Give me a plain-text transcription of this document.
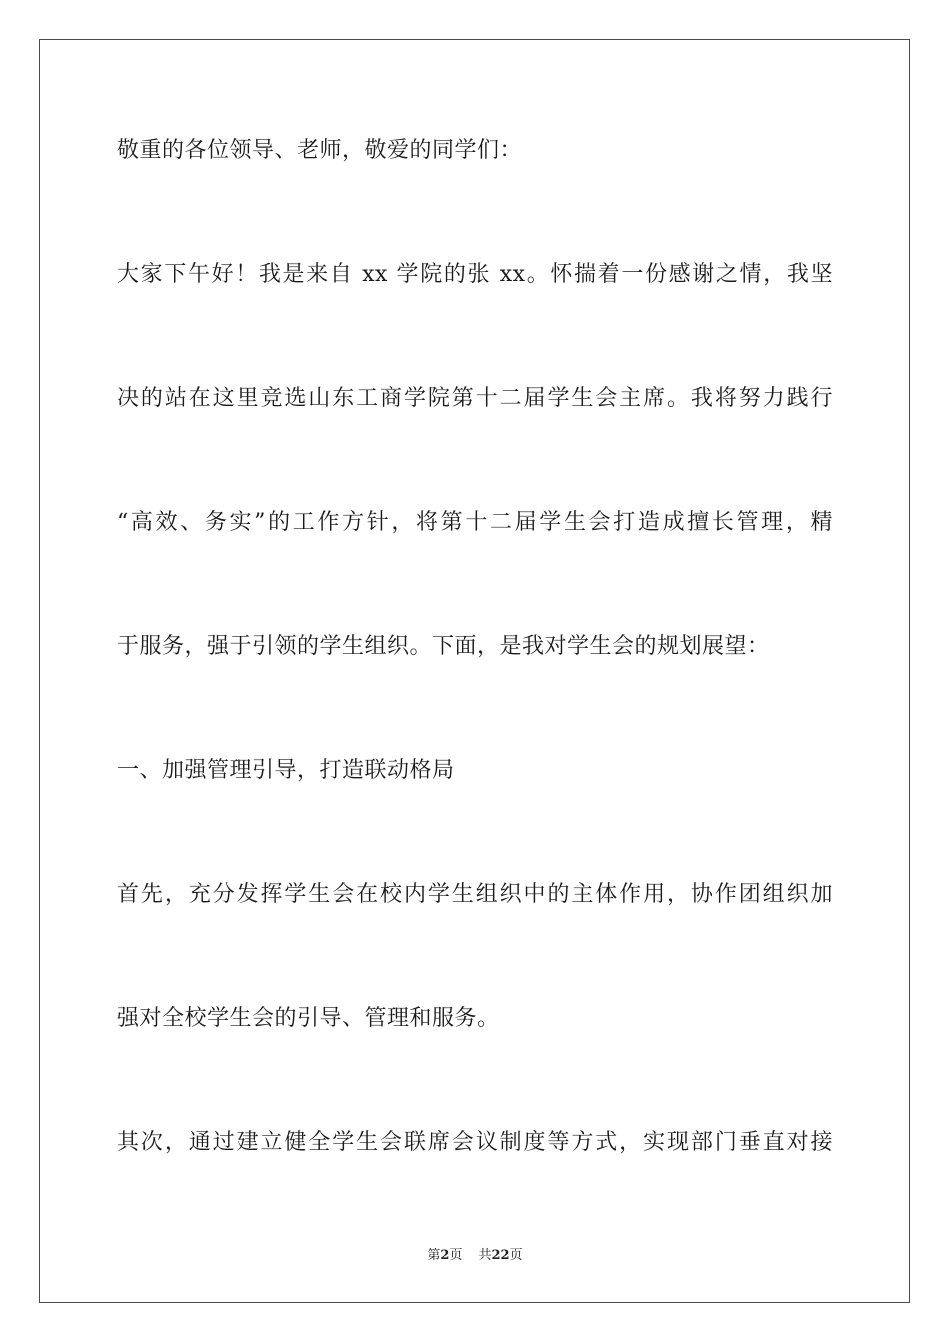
敬重的各位领导、老师，敬爱的同学们：
大家下午好！我是来自 xx 学院的张 xx。怀揣着一份感谢之情，我坚
决的站在这里竞选山东工商学院第十二届学生会主席。我将努力践行
“高效、务实”的工作方针，将第十二届学生会打造成擅长管理，精
于服务，强于引领的学生组织。下面，是我对学生会的规划展望：
一、加强管理引导，打造联动格局
首先，充分发挥学生会在校内学生组织中的主体作用，协作团组织加
强对全校学生会的引导、管理和服务。
其次，通过建立健全学生会联席会议制度等方式，实现部门垂直对接
第2页 共22页
